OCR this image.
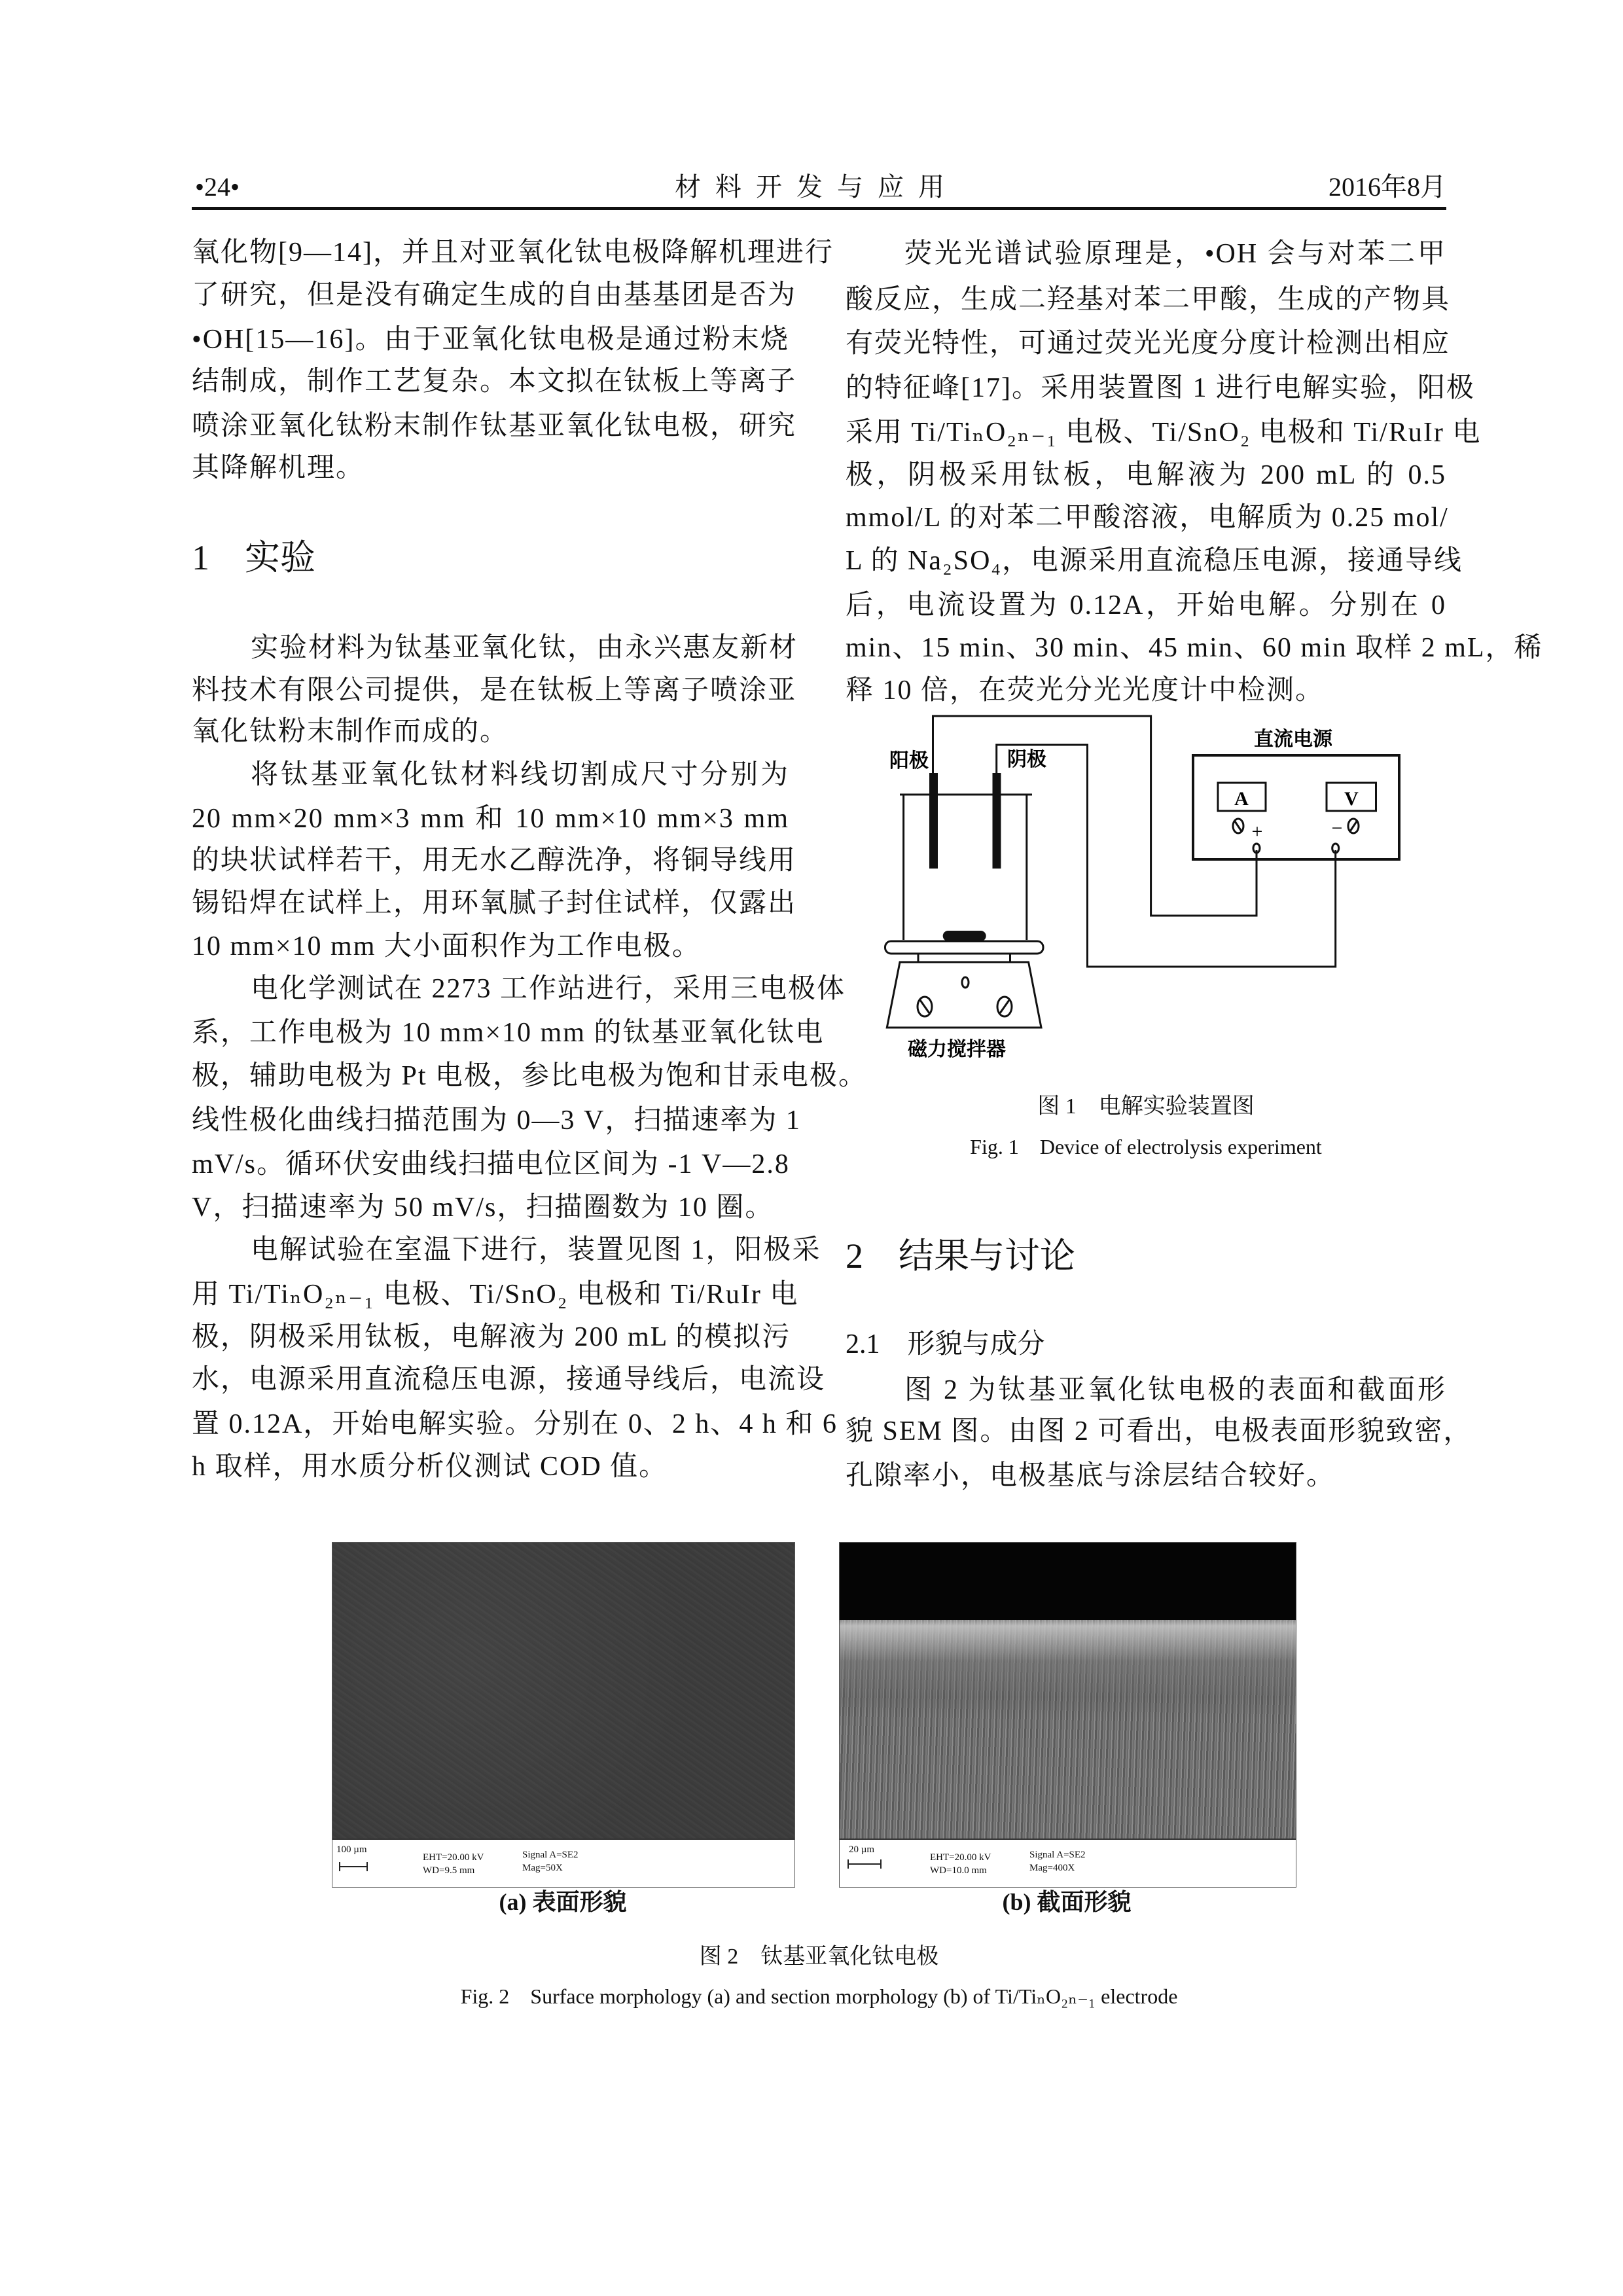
•24•	材 料 开 发 与 应 用	2016年8月
1　实验
2　结果与讨论
2.1　形貌与成分
氧化物[9—14]，并且对亚氧化钛电极降解机理进行
了研究，但是没有确定生成的自由基基团是否为
•OH[15—16]。由于亚氧化钛电极是通过粉末烧
结制成，制作工艺复杂。本文拟在钛板上等离子
喷涂亚氧化钛粉末制作钛基亚氧化钛电极，研究
其降解机理。
实验材料为钛基亚氧化钛，由永兴惠友新材
料技术有限公司提供，是在钛板上等离子喷涂亚
氧化钛粉末制作而成的。
将钛基亚氧化钛材料线切割成尺寸分别为
20 mm×20 mm×3 mm 和 10 mm×10 mm×3 mm
的块状试样若干，用无水乙醇洗净，将铜导线用
锡铅焊在试样上，用环氧腻子封住试样，仅露出
10 mm×10 mm 大小面积作为工作电极。
电化学测试在 2273 工作站进行，采用三电极体
系，工作电极为 10 mm×10 mm 的钛基亚氧化钛电
极，辅助电极为 Pt 电极，参比电极为饱和甘汞电极。
线性极化曲线扫描范围为 0—3 V，扫描速率为 1
mV/s。循环伏安曲线扫描电位区间为 -1 V—2.8
V，扫描速率为 50 mV/s，扫描圈数为 10 圈。
电解试验在室温下进行，装置见图 1，阳极采
用 Ti/TiₙO₂ₙ₋₁ 电极、Ti/SnO₂ 电极和 Ti/RuIr 电
极，阴极采用钛板，电解液为 200 mL 的模拟污
水，电源采用直流稳压电源，接通导线后，电流设
置 0.12A，开始电解实验。分别在 0、2 h、4 h 和 6
h 取样，用水质分析仪测试 COD 值。
荧光光谱试验原理是，•OH 会与对苯二甲
酸反应，生成二羟基对苯二甲酸，生成的产物具
有荧光特性，可通过荧光光度分度计检测出相应
的特征峰[17]。采用装置图 1 进行电解实验，阳极
采用 Ti/TiₙO₂ₙ₋₁ 电极、Ti/SnO₂ 电极和 Ti/RuIr 电
极，阴极采用钛板，电解液为 200 mL 的 0.5
mmol/L 的对苯二甲酸溶液，电解质为 0.25 mol/
L 的 Na₂SO₄，电源采用直流稳压电源，接通导线
后，电流设置为 0.12A，开始电解。分别在 0
min、15 min、30 min、45 min、60 min 取样 2 mL，稀
释 10 倍，在荧光分光光度计中检测。
图 2 为钛基亚氧化钛电极的表面和截面形
貌 SEM 图。由图 2 可看出，电极表面形貌致密，
孔隙率小，电极基底与涂层结合较好。
阳极	阴极
直流电源
A	V
+	−
磁力搅拌器
图 1　电解实验装置图
Fig. 1　Device of electrolysis experiment
100 µm
EHT=20.00 kV
WD=9.5 mm
Signal A=SE2
Mag=50X
20 µm
EHT=20.00 kV
WD=10.0 mm
Signal A=SE2
Mag=400X
(a) 表面形貌	(b) 截面形貌
图 2　钛基亚氧化钛电极
Fig. 2　Surface morphology (a) and section morphology (b) of Ti/TiₙO₂ₙ₋₁ electrode
